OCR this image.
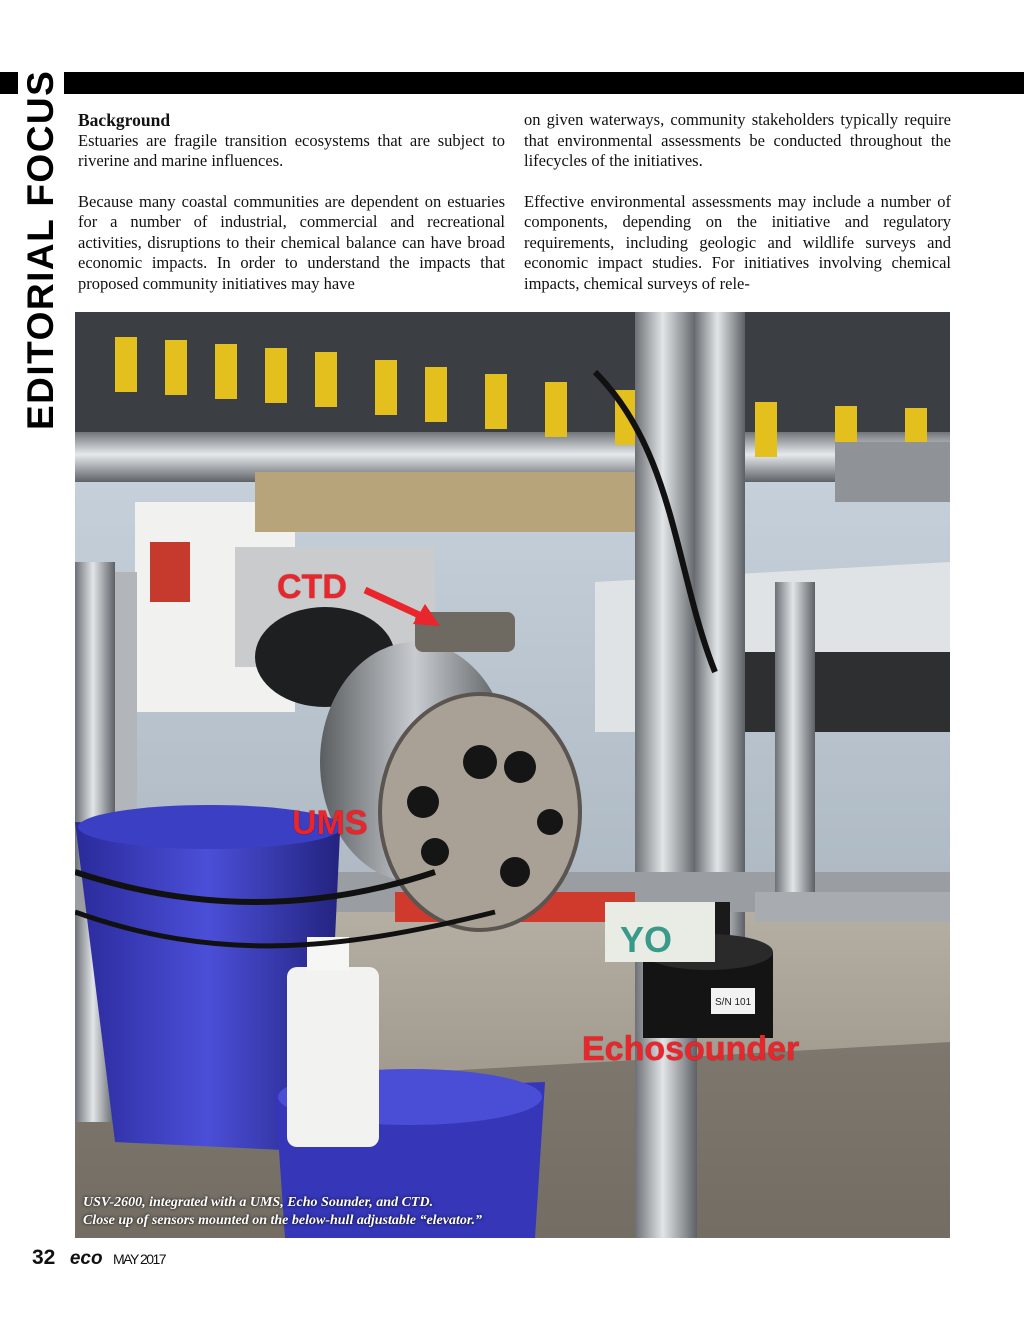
EDITORIAL FOCUS Background
Estuaries are fragile transition ecosystems that are subject to riverine and marine influences.

Because many coastal communities are dependent on estuaries for a number of industrial, commercial and recreational activities, disruptions to their chemical balance can have broad economic impacts. In order to understand the impacts that proposed community initiatives may have

on given waterways, community stakeholders typically require that environmental assessments be conducted throughout the lifecycles of the initiatives.

Effective environmental assessments may include a number of components, depending on the initiative and regulatory requirements, including geologic and wildlife surveys and economic impact studies. For initiatives involving chemical impacts, chemical surveys of rele-

YO
S/N 101
CTD
UMS
Echosounder
USV-2600, integrated with a UMS, Echo Sounder, and CTD.
Close up of sensors mounted on the below-hull adjustable “elevator.”
32 eco MAY 2017
